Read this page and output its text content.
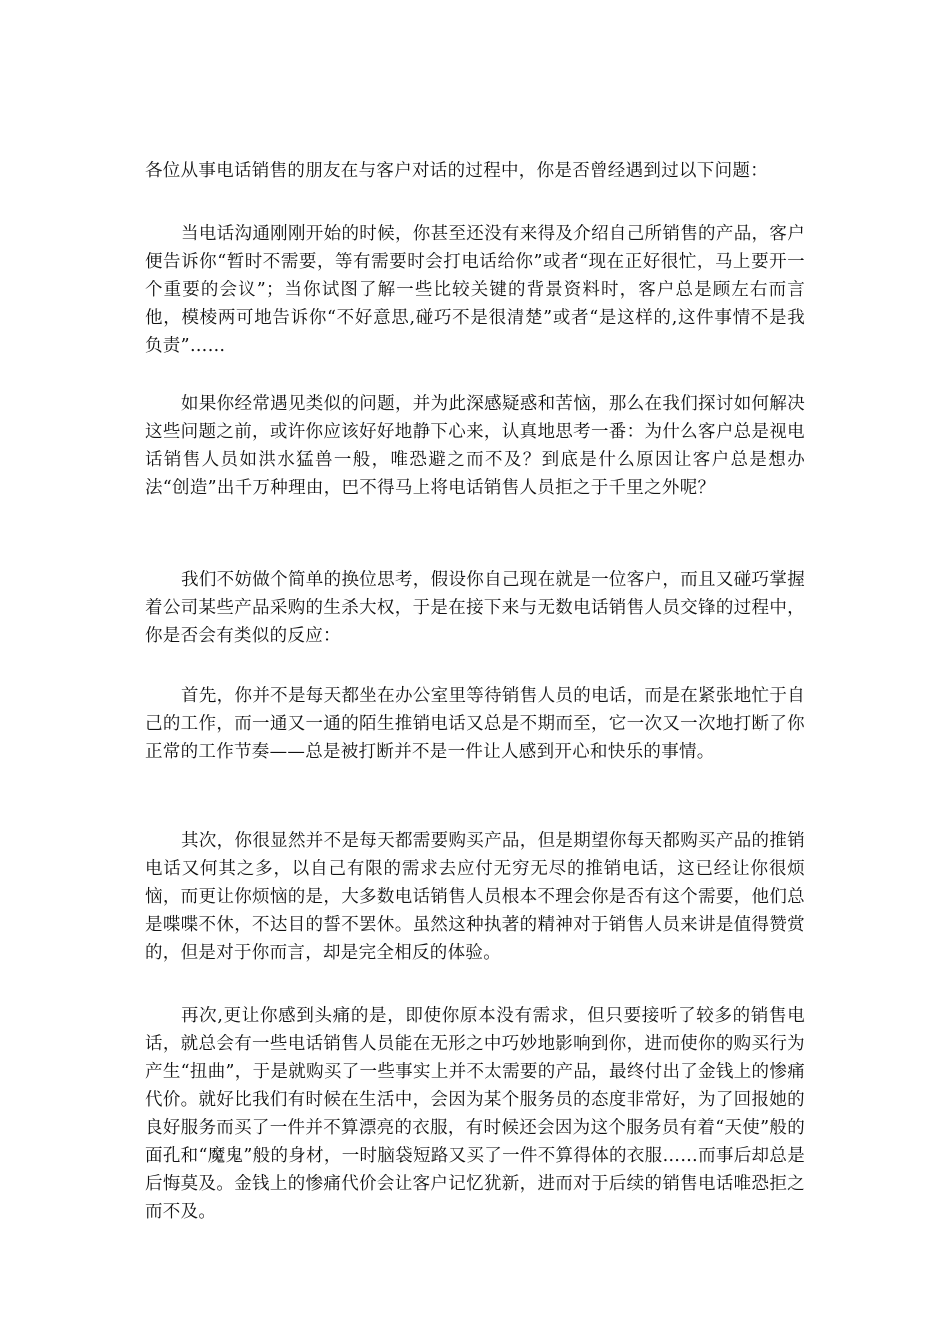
各位从事电话销售的朋友在与客户对话的过程中，你是否曾经遇到过以下问题：

当电话沟通刚刚开始的时候，你甚至还没有来得及介绍自己所销售的产品，客户便告诉你“暂时不需要，等有需要时会打电话给你”或者“现在正好很忙，马上要开一个重要的会议”；当你试图了解一些比较关键的背景资料时，客户总是顾左右而言他，模棱两可地告诉你“不好意思,碰巧不是很清楚”或者“是这样的,这件事情不是我负责”……

如果你经常遇见类似的问题，并为此深感疑惑和苦恼，那么在我们探讨如何解决这些问题之前，或许你应该好好地静下心来，认真地思考一番：为什么客户总是视电话销售人员如洪水猛兽一般，唯恐避之而不及？到底是什么原因让客户总是想办法“创造”出千万种理由，巴不得马上将电话销售人员拒之于千里之外呢？

我们不妨做个简单的换位思考，假设你自己现在就是一位客户，而且又碰巧掌握着公司某些产品采购的生杀大权，于是在接下来与无数电话销售人员交锋的过程中，你是否会有类似的反应：

首先，你并不是每天都坐在办公室里等待销售人员的电话，而是在紧张地忙于自己的工作，而一通又一通的陌生推销电话又总是不期而至，它一次又一次地打断了你正常的工作节奏——总是被打断并不是一件让人感到开心和快乐的事情。

其次，你很显然并不是每天都需要购买产品，但是期望你每天都购买产品的推销电话又何其之多，以自己有限的需求去应付无穷无尽的推销电话，这已经让你很烦恼，而更让你烦恼的是，大多数电话销售人员根本不理会你是否有这个需要，他们总是喋喋不休，不达目的誓不罢休。虽然这种执著的精神对于销售人员来讲是值得赞赏的，但是对于你而言，却是完全相反的体验。

再次,更让你感到头痛的是，即使你原本没有需求，但只要接听了较多的销售电话，就总会有一些电话销售人员能在无形之中巧妙地影响到你，进而使你的购买行为产生“扭曲”，于是就购买了一些事实上并不太需要的产品，最终付出了金钱上的惨痛代价。就好比我们有时候在生活中，会因为某个服务员的态度非常好，为了回报她的良好服务而买了一件并不算漂亮的衣服，有时候还会因为这个服务员有着“天使”般的面孔和“魔鬼”般的身材，一时脑袋短路又买了一件不算得体的衣服……而事后却总是后悔莫及。金钱上的惨痛代价会让客户记忆犹新，进而对于后续的销售电话唯恐拒之而不及。
